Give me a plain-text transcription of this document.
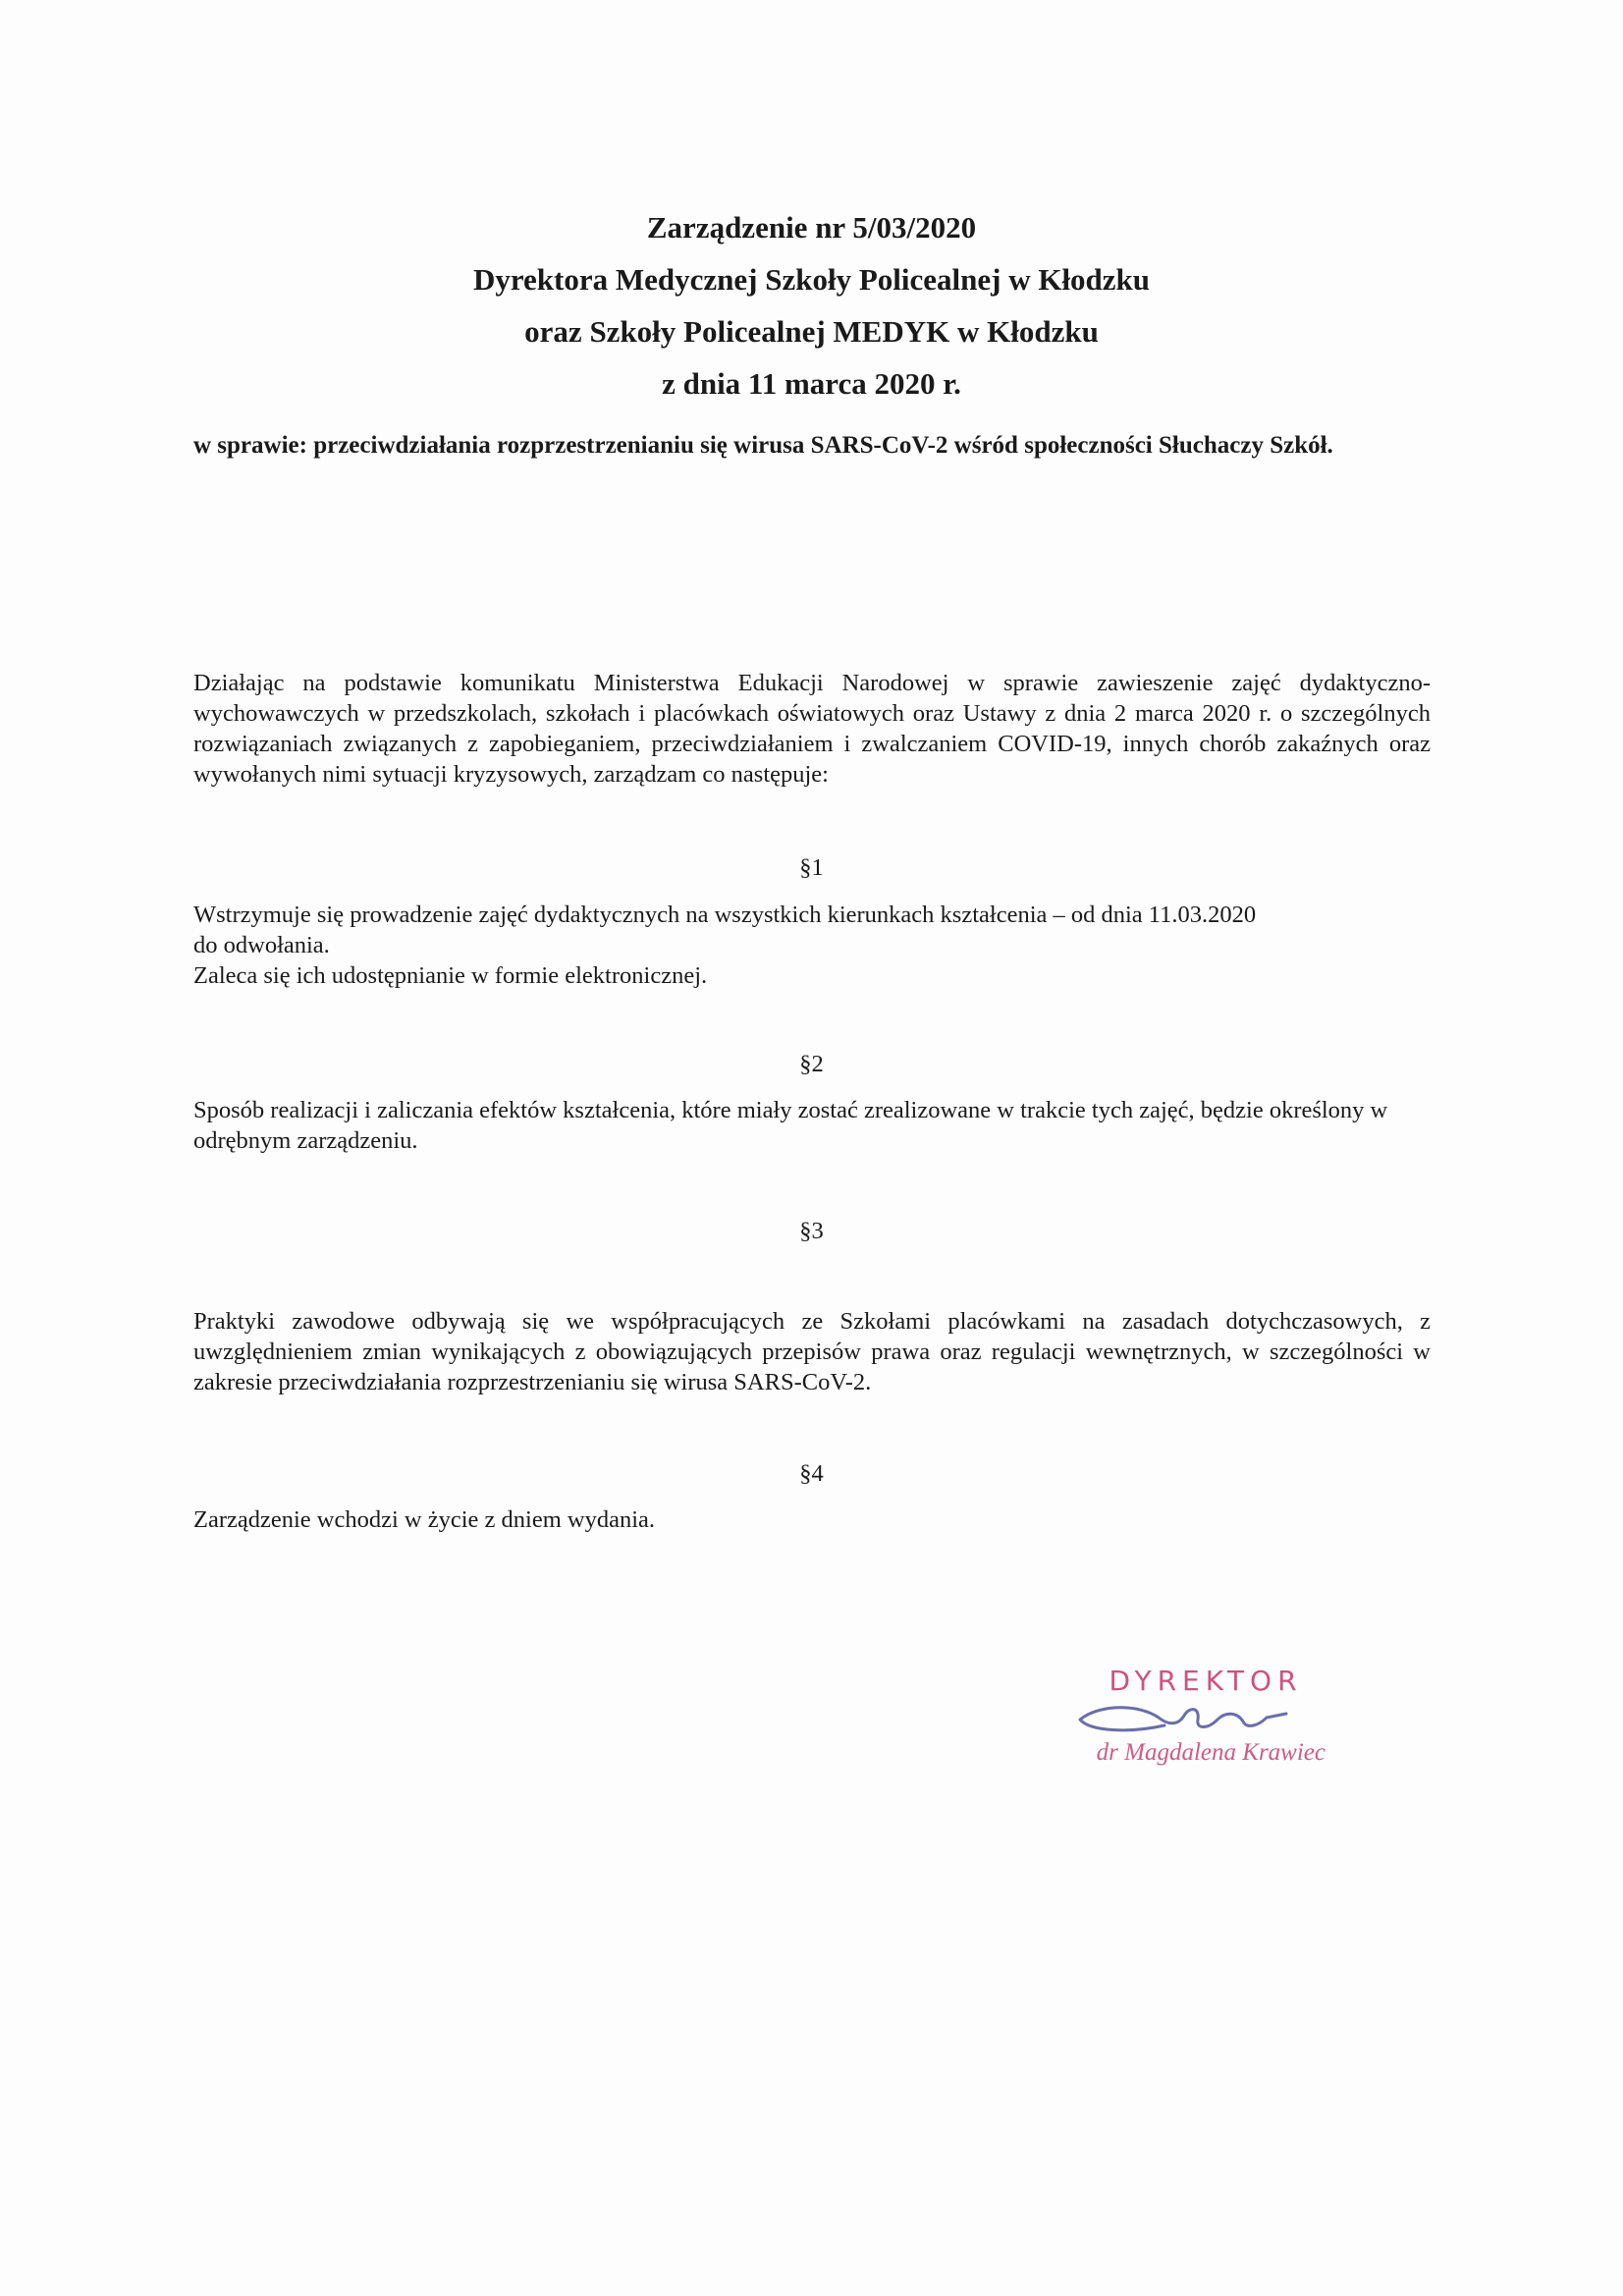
Zarządzenie nr 5/03/2020
Dyrektora Medycznej Szkoły Policealnej w Kłodzku
oraz Szkoły Policealnej MEDYK w Kłodzku
z dnia 11 marca 2020 r.
w sprawie: przeciwdziałania rozprzestrzenianiu się wirusa SARS-CoV-2 wśród społeczności Słuchaczy Szkół.

Działając na podstawie komunikatu Ministerstwa Edukacji Narodowej w sprawie zawieszenie zajęć dydaktyczno-wychowawczych w przedszkolach, szkołach i placówkach oświatowych oraz Ustawy z dnia 2 marca 2020 r. o szczególnych rozwiązaniach związanych z zapobieganiem, przeciwdziałaniem i zwalczaniem COVID-19, innych chorób zakaźnych oraz wywołanych nimi sytuacji kryzysowych, zarządzam co następuje:

§1

Wstrzymuje się prowadzenie zajęć dydaktycznych na wszystkich kierunkach kształcenia – od dnia 11.03.2020

do odwołania.

Zaleca się ich udostępnianie w formie elektronicznej.

§2

Sposób realizacji i zaliczania efektów kształcenia, które miały zostać zrealizowane w trakcie tych zajęć, będzie określony w odrębnym zarządzeniu.

§3

Praktyki zawodowe odbywają się we współpracujących ze Szkołami placówkami na zasadach dotychczasowych, z uwzględnieniem zmian wynikających z obowiązujących przepisów prawa oraz regulacji wewnętrznych, w szczególności w zakresie przeciwdziałania rozprzestrzenianiu się wirusa SARS-CoV-2.

§4

Zarządzenie wchodzi w życie z dniem wydania.

DYREKTOR
dr Magdalena Krawiec
